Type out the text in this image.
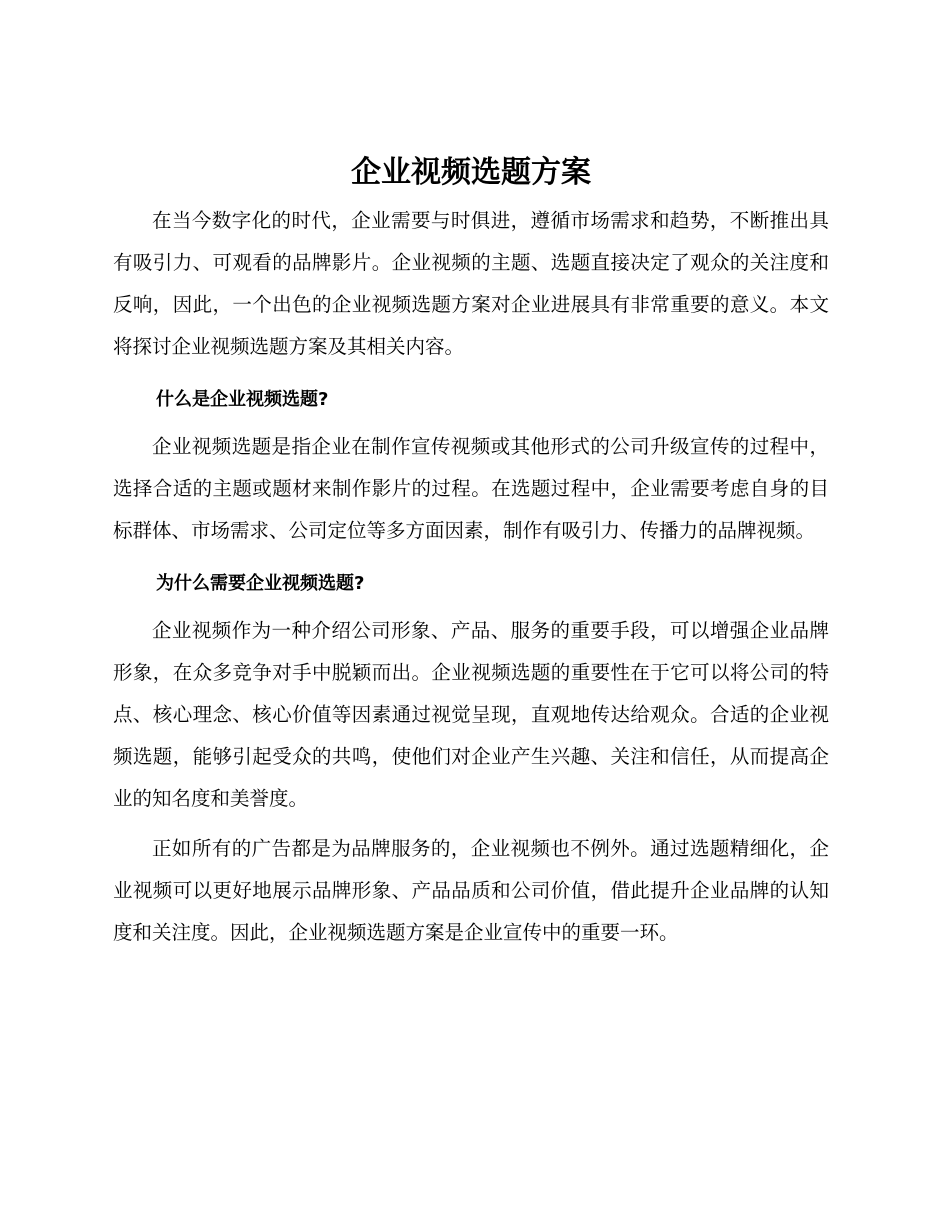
企业视频选题方案

在当今数字化的时代，企业需要与时俱进，遵循市场需求和趋势，不断推出具有吸引力、可观看的品牌影片。企业视频的主题、选题直接决定了观众的关注度和反响，因此，一个出色的企业视频选题方案对企业进展具有非常重要的意义。本文将探讨企业视频选题方案及其相关内容。

什么是企业视频选题?

企业视频选题是指企业在制作宣传视频或其他形式的公司升级宣传的过程中，选择合适的主题或题材来制作影片的过程。在选题过程中，企业需要考虑自身的目标群体、市场需求、公司定位等多方面因素，制作有吸引力、传播力的品牌视频。

为什么需要企业视频选题?

企业视频作为一种介绍公司形象、产品、服务的重要手段，可以增强企业品牌形象，在众多竞争对手中脱颖而出。企业视频选题的重要性在于它可以将公司的特点、核心理念、核心价值等因素通过视觉呈现，直观地传达给观众。合适的企业视频选题，能够引起受众的共鸣，使他们对企业产生兴趣、关注和信任，从而提高企业的知名度和美誉度。

正如所有的广告都是为品牌服务的，企业视频也不例外。通过选题精细化，企业视频可以更好地展示品牌形象、产品品质和公司价值，借此提升企业品牌的认知度和关注度。因此，企业视频选题方案是企业宣传中的重要一环。
